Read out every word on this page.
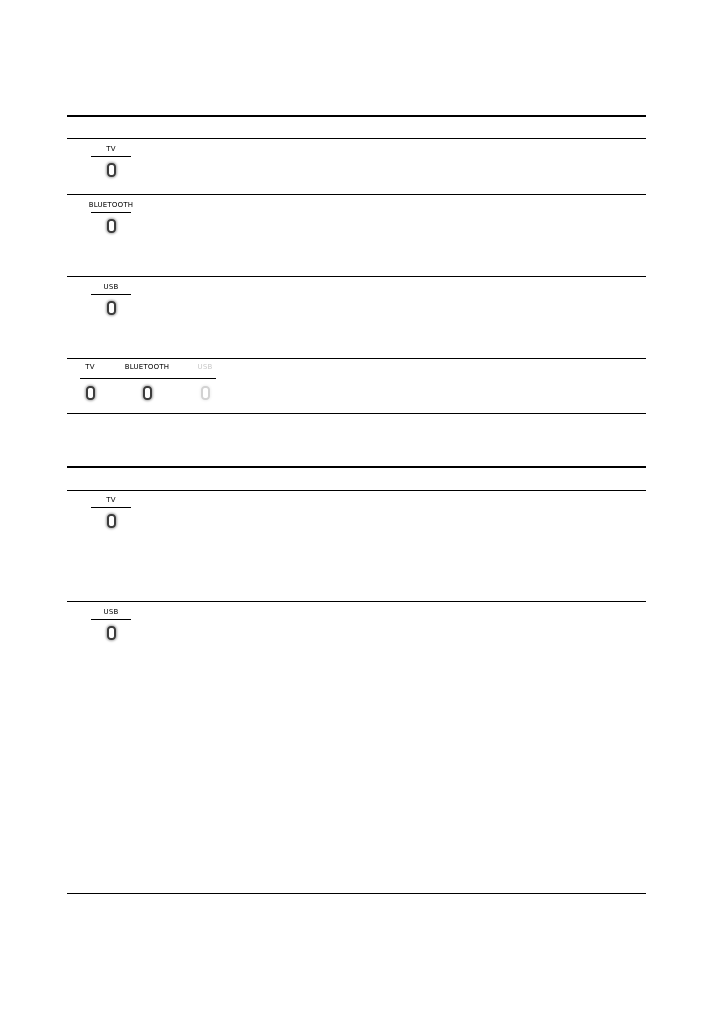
TV
BLUETOOTH
USB
TV	BLUETOOTH	USB
TV
USB
